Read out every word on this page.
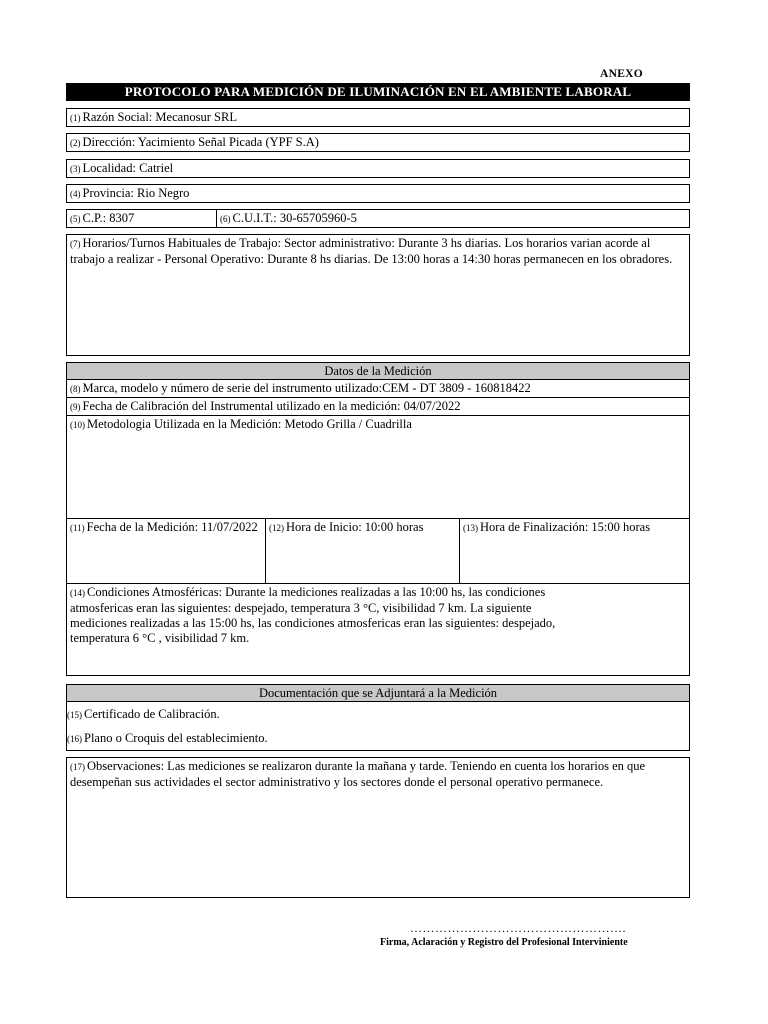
ANEXO
PROTOCOLO PARA MEDICIÓN DE ILUMINACIÓN EN EL AMBIENTE LABORAL
(1) Razón Social: Mecanosur SRL
(2) Dirección: Yacimiento Señal Picada (YPF S.A)
(3) Localidad: Catriel
(4) Provincia: Rio Negro
(5) C.P.: 8307	(6) C.U.I.T.: 30-65705960-5
(7) Horarios/Turnos Habituales de Trabajo: Sector administrativo: Durante 3 hs diarias. Los horarios varian acorde al trabajo a realizar - Personal Operativo: Durante 8 hs diarias. De 13:00 horas a 14:30 horas permanecen en los obradores.
Datos de la Medición
(8) Marca, modelo y número de serie del instrumento utilizado:CEM - DT 3809 - 160818422
(9) Fecha de Calibración del Instrumental utilizado en la medición: 04/07/2022
(10) Metodologia Utilizada en la Medición: Metodo Grilla / Cuadrilla
(11) Fecha de la Medición: 11/07/2022	(12) Hora de Inicio: 10:00 horas	(13) Hora de Finalización: 15:00 horas
(14) Condiciones Atmosféricas: Durante la mediciones realizadas a las 10:00 hs, las condiciones atmosfericas eran las siguientes: despejado, temperatura 3 °C, visibilidad 7 km. La siguiente mediciones realizadas a las 15:00 hs, las condiciones atmosfericas eran las siguientes: despejado, temperatura 6 °C , visibilidad 7 km.
Documentación que se Adjuntará a la Medición
(15) Certificado de Calibración.
(16) Plano o Croquis del establecimiento.
(17) Observaciones: Las mediciones se realizaron durante la mañana y tarde. Teniendo en cuenta los horarios en que desempeñan sus actividades el sector administrativo y los sectores donde el personal operativo permanece.
…………………………………………….
Firma, Aclaración y Registro del Profesional Interviniente
